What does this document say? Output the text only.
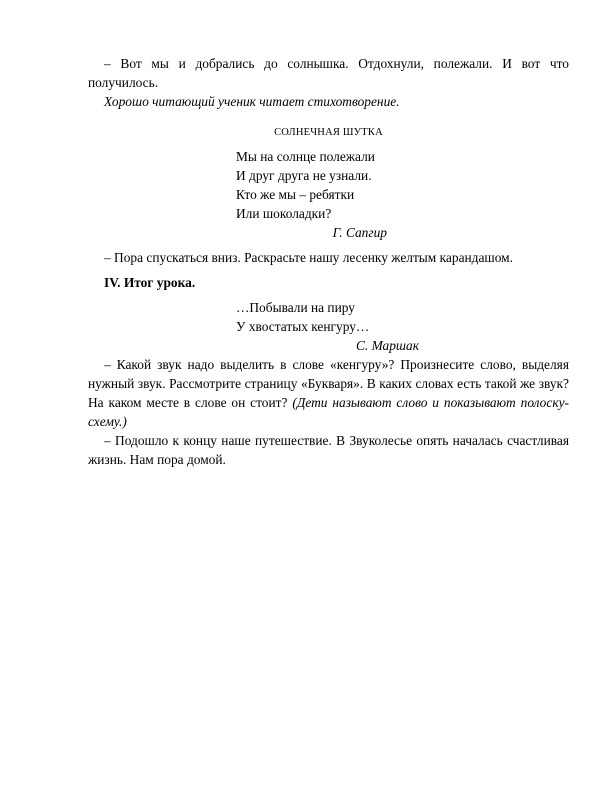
– Вот мы и добрались до солнышка. Отдохнули, полежали. И вот что получилось.

Хорошо читающий ученик читает стихотворение.

СОЛНЕЧНАЯ ШУТКА

Мы на солнце полежали

И друг друга не узнали.

Кто же мы – ребятки

Или шоколадки?

Г. Сапгир

– Пора спускаться вниз. Раскрасьте нашу лесенку желтым карандашом.

IV. Итог урока.

…Побывали на пиру

У хвостатых кенгуру…

С. Маршак

– Какой звук надо выделить в слове «кенгуру»? Произнесите слово, выделяя нужный звук. Рассмотрите страницу «Букваря». В каких словах есть такой же звук? На каком месте в слове он стоит? (Дети называют слово и показывают полоску-схему.)

– Подошло к концу наше путешествие. В Звуколесье опять началась счастливая жизнь. Нам пора домой.
